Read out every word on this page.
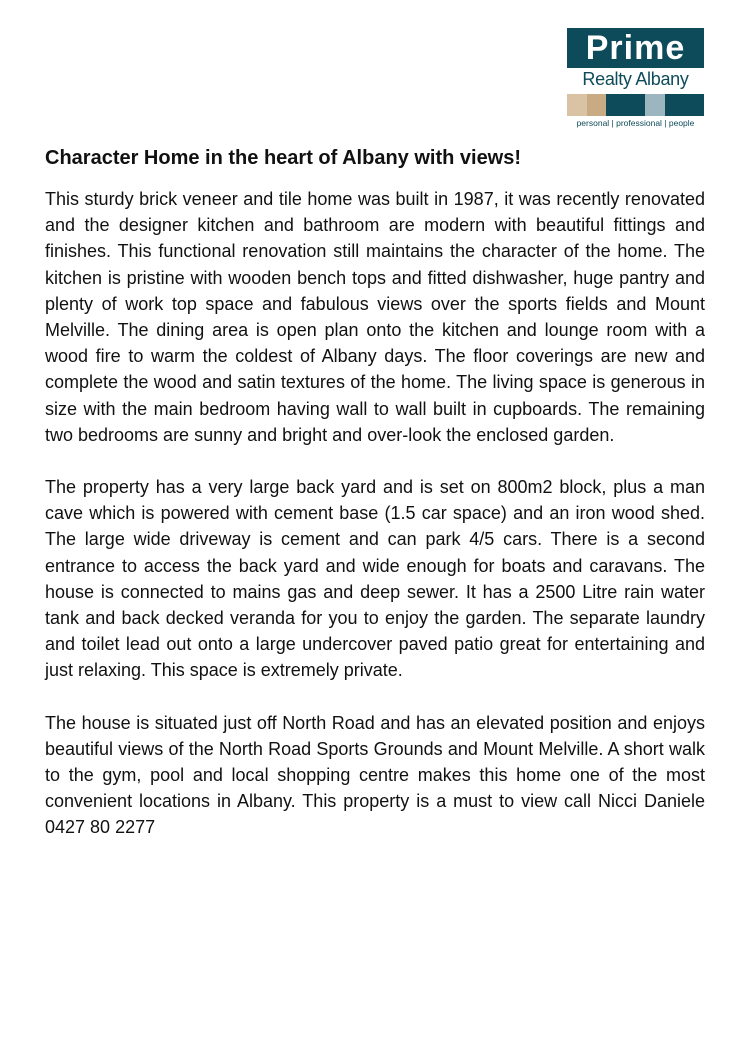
Prime
Realty Albany
personal | professional | people
Character Home in the heart of Albany with views!

This sturdy brick veneer and tile home was built in 1987, it was recently renovated and the designer kitchen and bathroom are modern with beautiful fittings and finishes. This functional renovation still maintains the character of the home. The kitchen is pristine with wooden bench tops and fitted dishwasher, huge pantry and plenty of work top space and fabulous views over the sports fields and Mount Melville. The dining area is open plan onto the kitchen and lounge room with a wood fire to warm the coldest of Albany days. The floor coverings are new and complete the wood and satin textures of the home. The living space is generous in size with the main bedroom having wall to wall built in cupboards. The remaining two bedrooms are sunny and bright and over-look the enclosed garden.

The property has a very large back yard and is set on 800m2 block, plus a man cave which is powered with cement base (1.5 car space) and an iron wood shed. The large wide driveway is cement and can park 4/5 cars. There is a second entrance to access the back yard and wide enough for boats and caravans. The house is connected to mains gas and deep sewer. It has a 2500 Litre rain water tank and back decked veranda for you to enjoy the garden. The separate laundry and toilet lead out onto a large undercover paved patio great for entertaining and just relaxing. This space is extremely private.

The house is situated just off North Road and has an elevated position and enjoys beautiful views of the North Road Sports Grounds and Mount Melville. A short walk to the gym, pool and local shopping centre makes this home one of the most convenient locations in Albany. This property is a must to view call Nicci Daniele 0427 80 2277
